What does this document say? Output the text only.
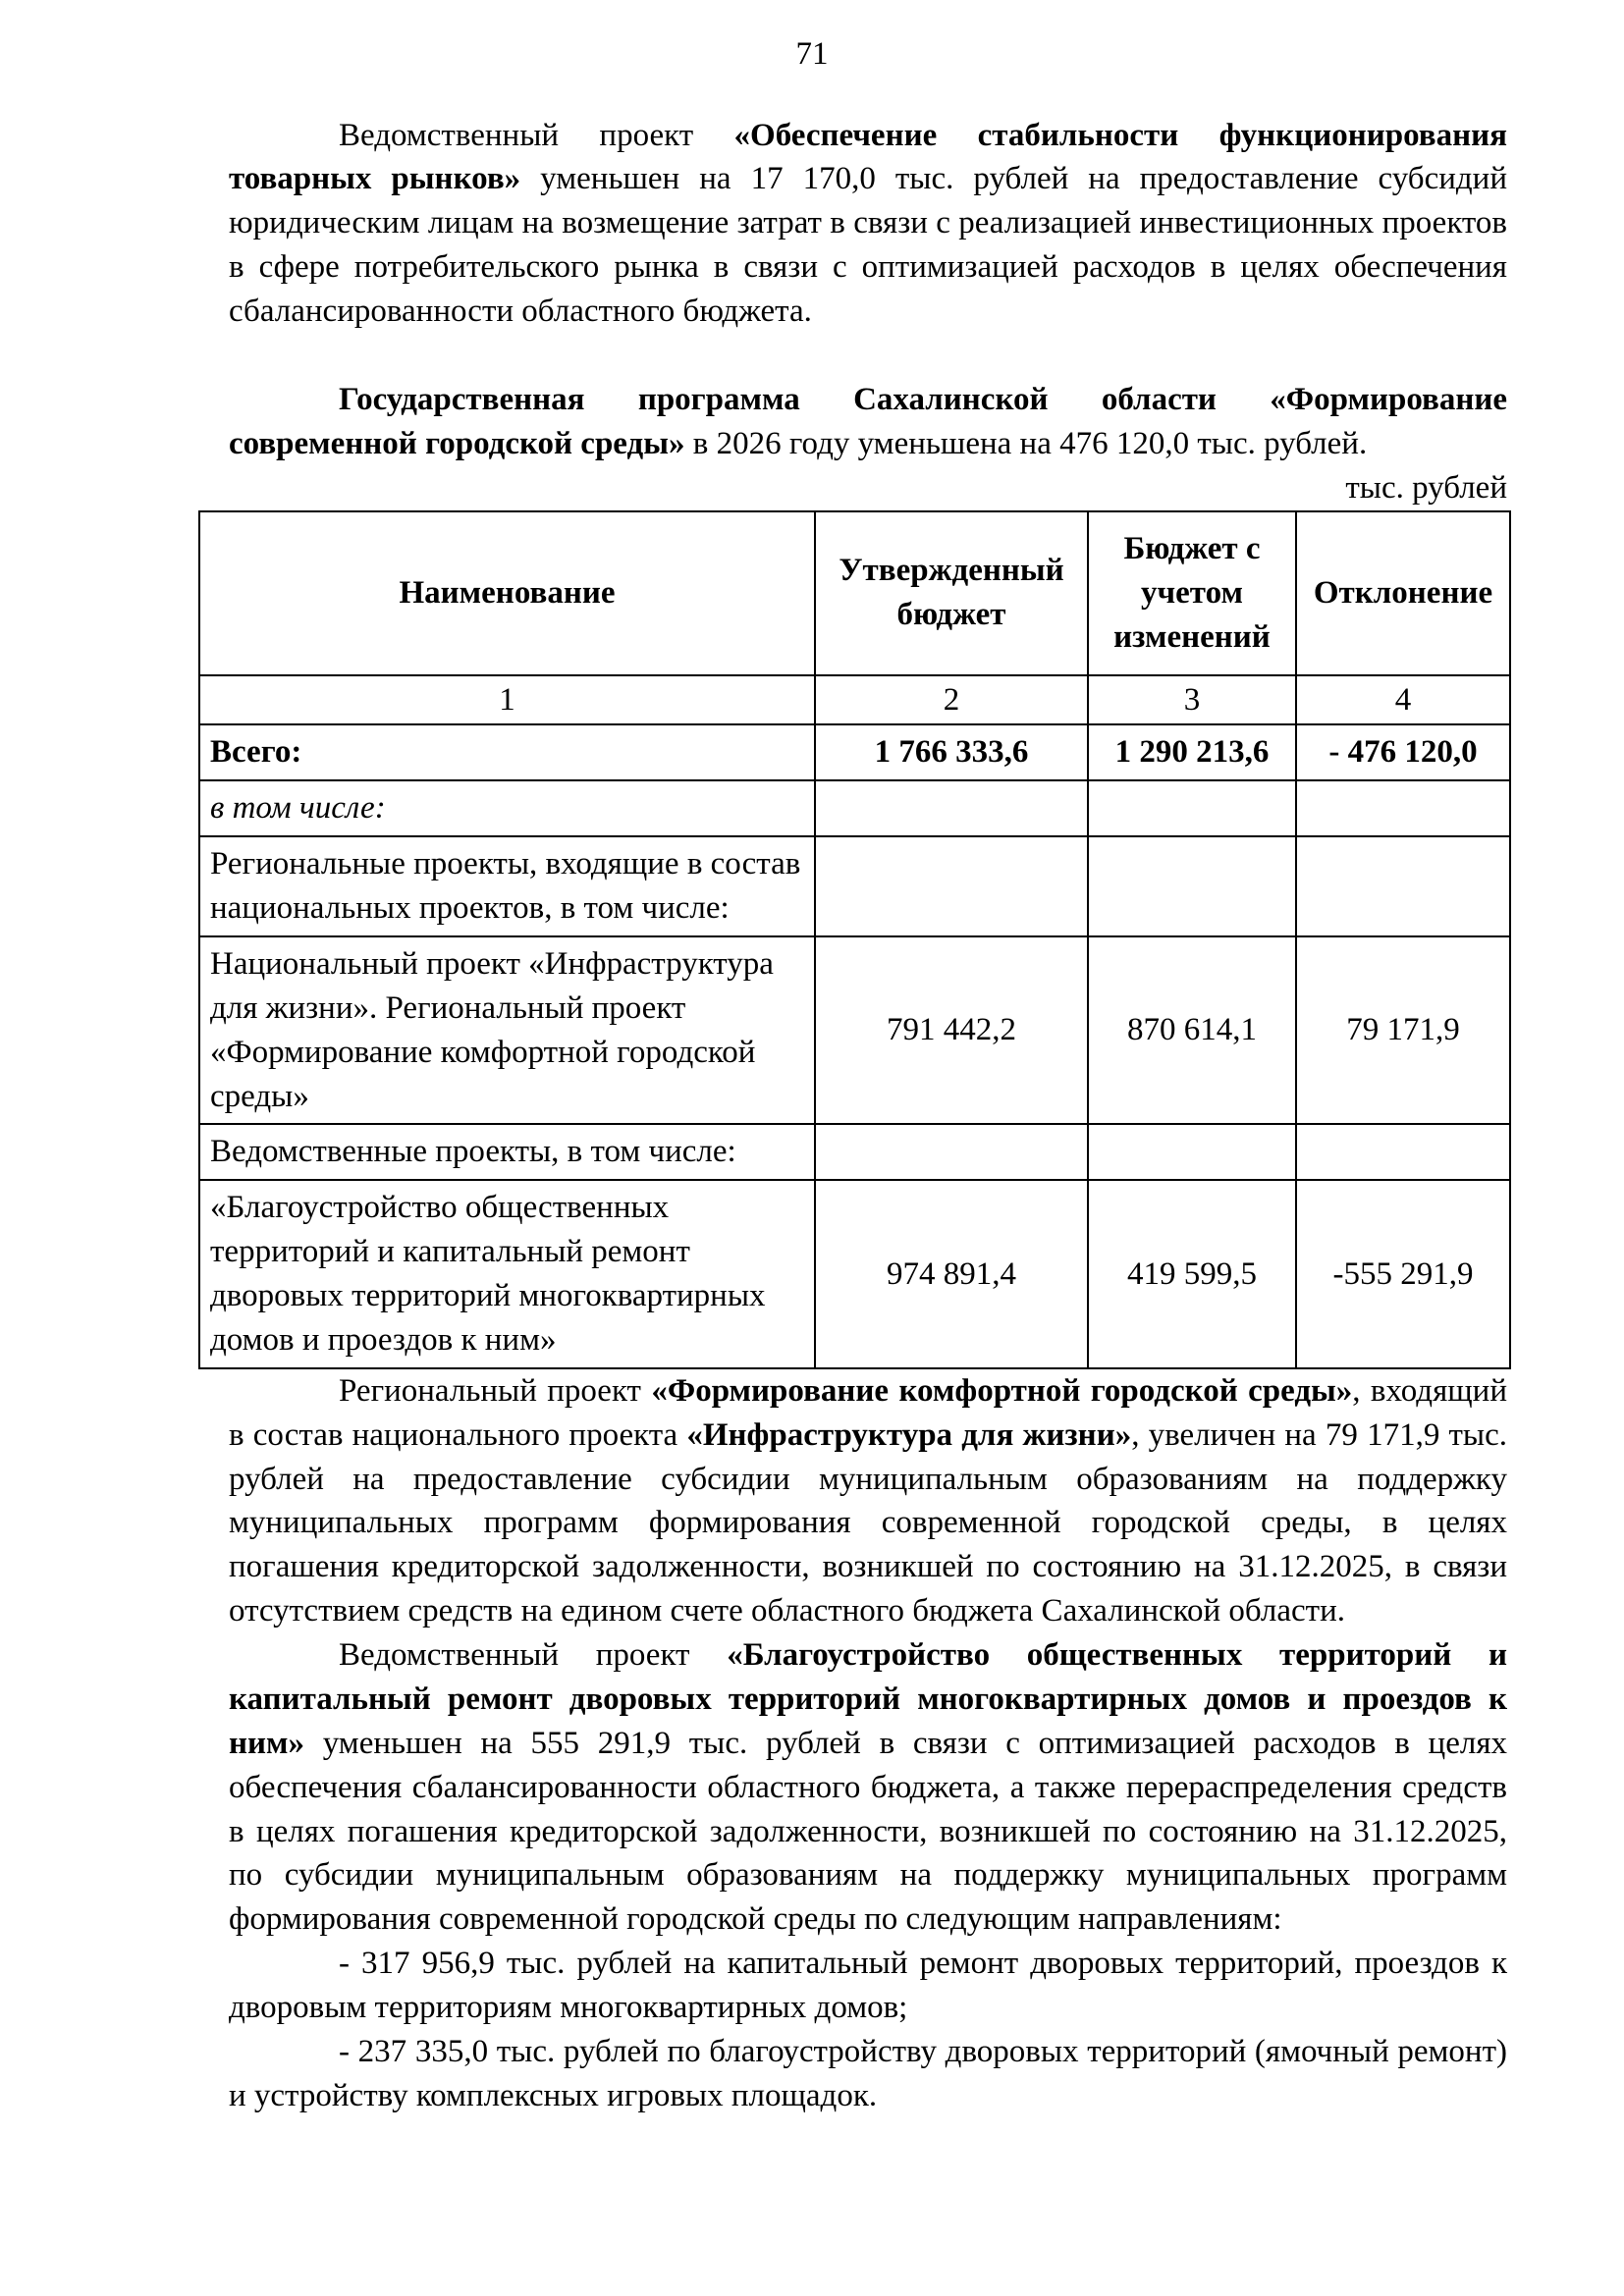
71

Ведомственный проект «Обеспечение стабильности функционирования товарных рынков» уменьшен на 17 170,0 тыс. рублей на предоставление субсидий юридическим лицам на возмещение затрат в связи с реализацией инвестиционных проектов в сфере потребительского рынка в связи с оптимизацией расходов в целях обеспечения сбалансированности областного бюджета.

Государственная программа Сахалинской области «Формирование современной городской среды» в 2026 году уменьшена на 476 120,0 тыс. рублей.

тыс. рублей

Наименование	Утвержденный бюджет	Бюджет с учетом изменений	Отклонение
1	2	3	4
Всего:	1 766 333,6	1 290 213,6	- 476 120,0
в том числе:			
Региональные проекты, входящие в состав национальных проектов, в том числе:			
Национальный проект «Инфраструктура для жизни». Региональный проект «Формирование комфортной городской среды»	791 442,2	870 614,1	79 171,9
Ведомственные проекты, в том числе:			
«Благоустройство общественных территорий и капитальный ремонт дворовых территорий многоквартирных домов и проездов к ним»	974 891,4	419 599,5	-555 291,9

Региональный проект «Формирование комфортной городской среды», входящий в состав национального проекта «Инфраструктура для жизни», увеличен на 79 171,9 тыс. рублей на предоставление субсидии муниципальным образованиям на поддержку муниципальных программ формирования современной городской среды, в целях погашения кредиторской задолженности, возникшей по состоянию на 31.12.2025, в связи отсутствием средств на едином счете областного бюджета Сахалинской области.

Ведомственный проект «Благоустройство общественных территорий и капитальный ремонт дворовых территорий многоквартирных домов и проездов к ним» уменьшен на 555 291,9 тыс. рублей в связи с оптимизацией расходов в целях обеспечения сбалансированности областного бюджета, а также перераспределения средств в целях погашения кредиторской задолженности, возникшей по состоянию на 31.12.2025, по субсидии муниципальным образованиям на поддержку муниципальных программ формирования современной городской среды по следующим направлениям:

- 317 956,9 тыс. рублей на капитальный ремонт дворовых территорий, проездов к дворовым территориям многоквартирных домов;

- 237 335,0 тыс. рублей по благоустройству дворовых территорий (ямочный ремонт) и устройству комплексных игровых площадок.
